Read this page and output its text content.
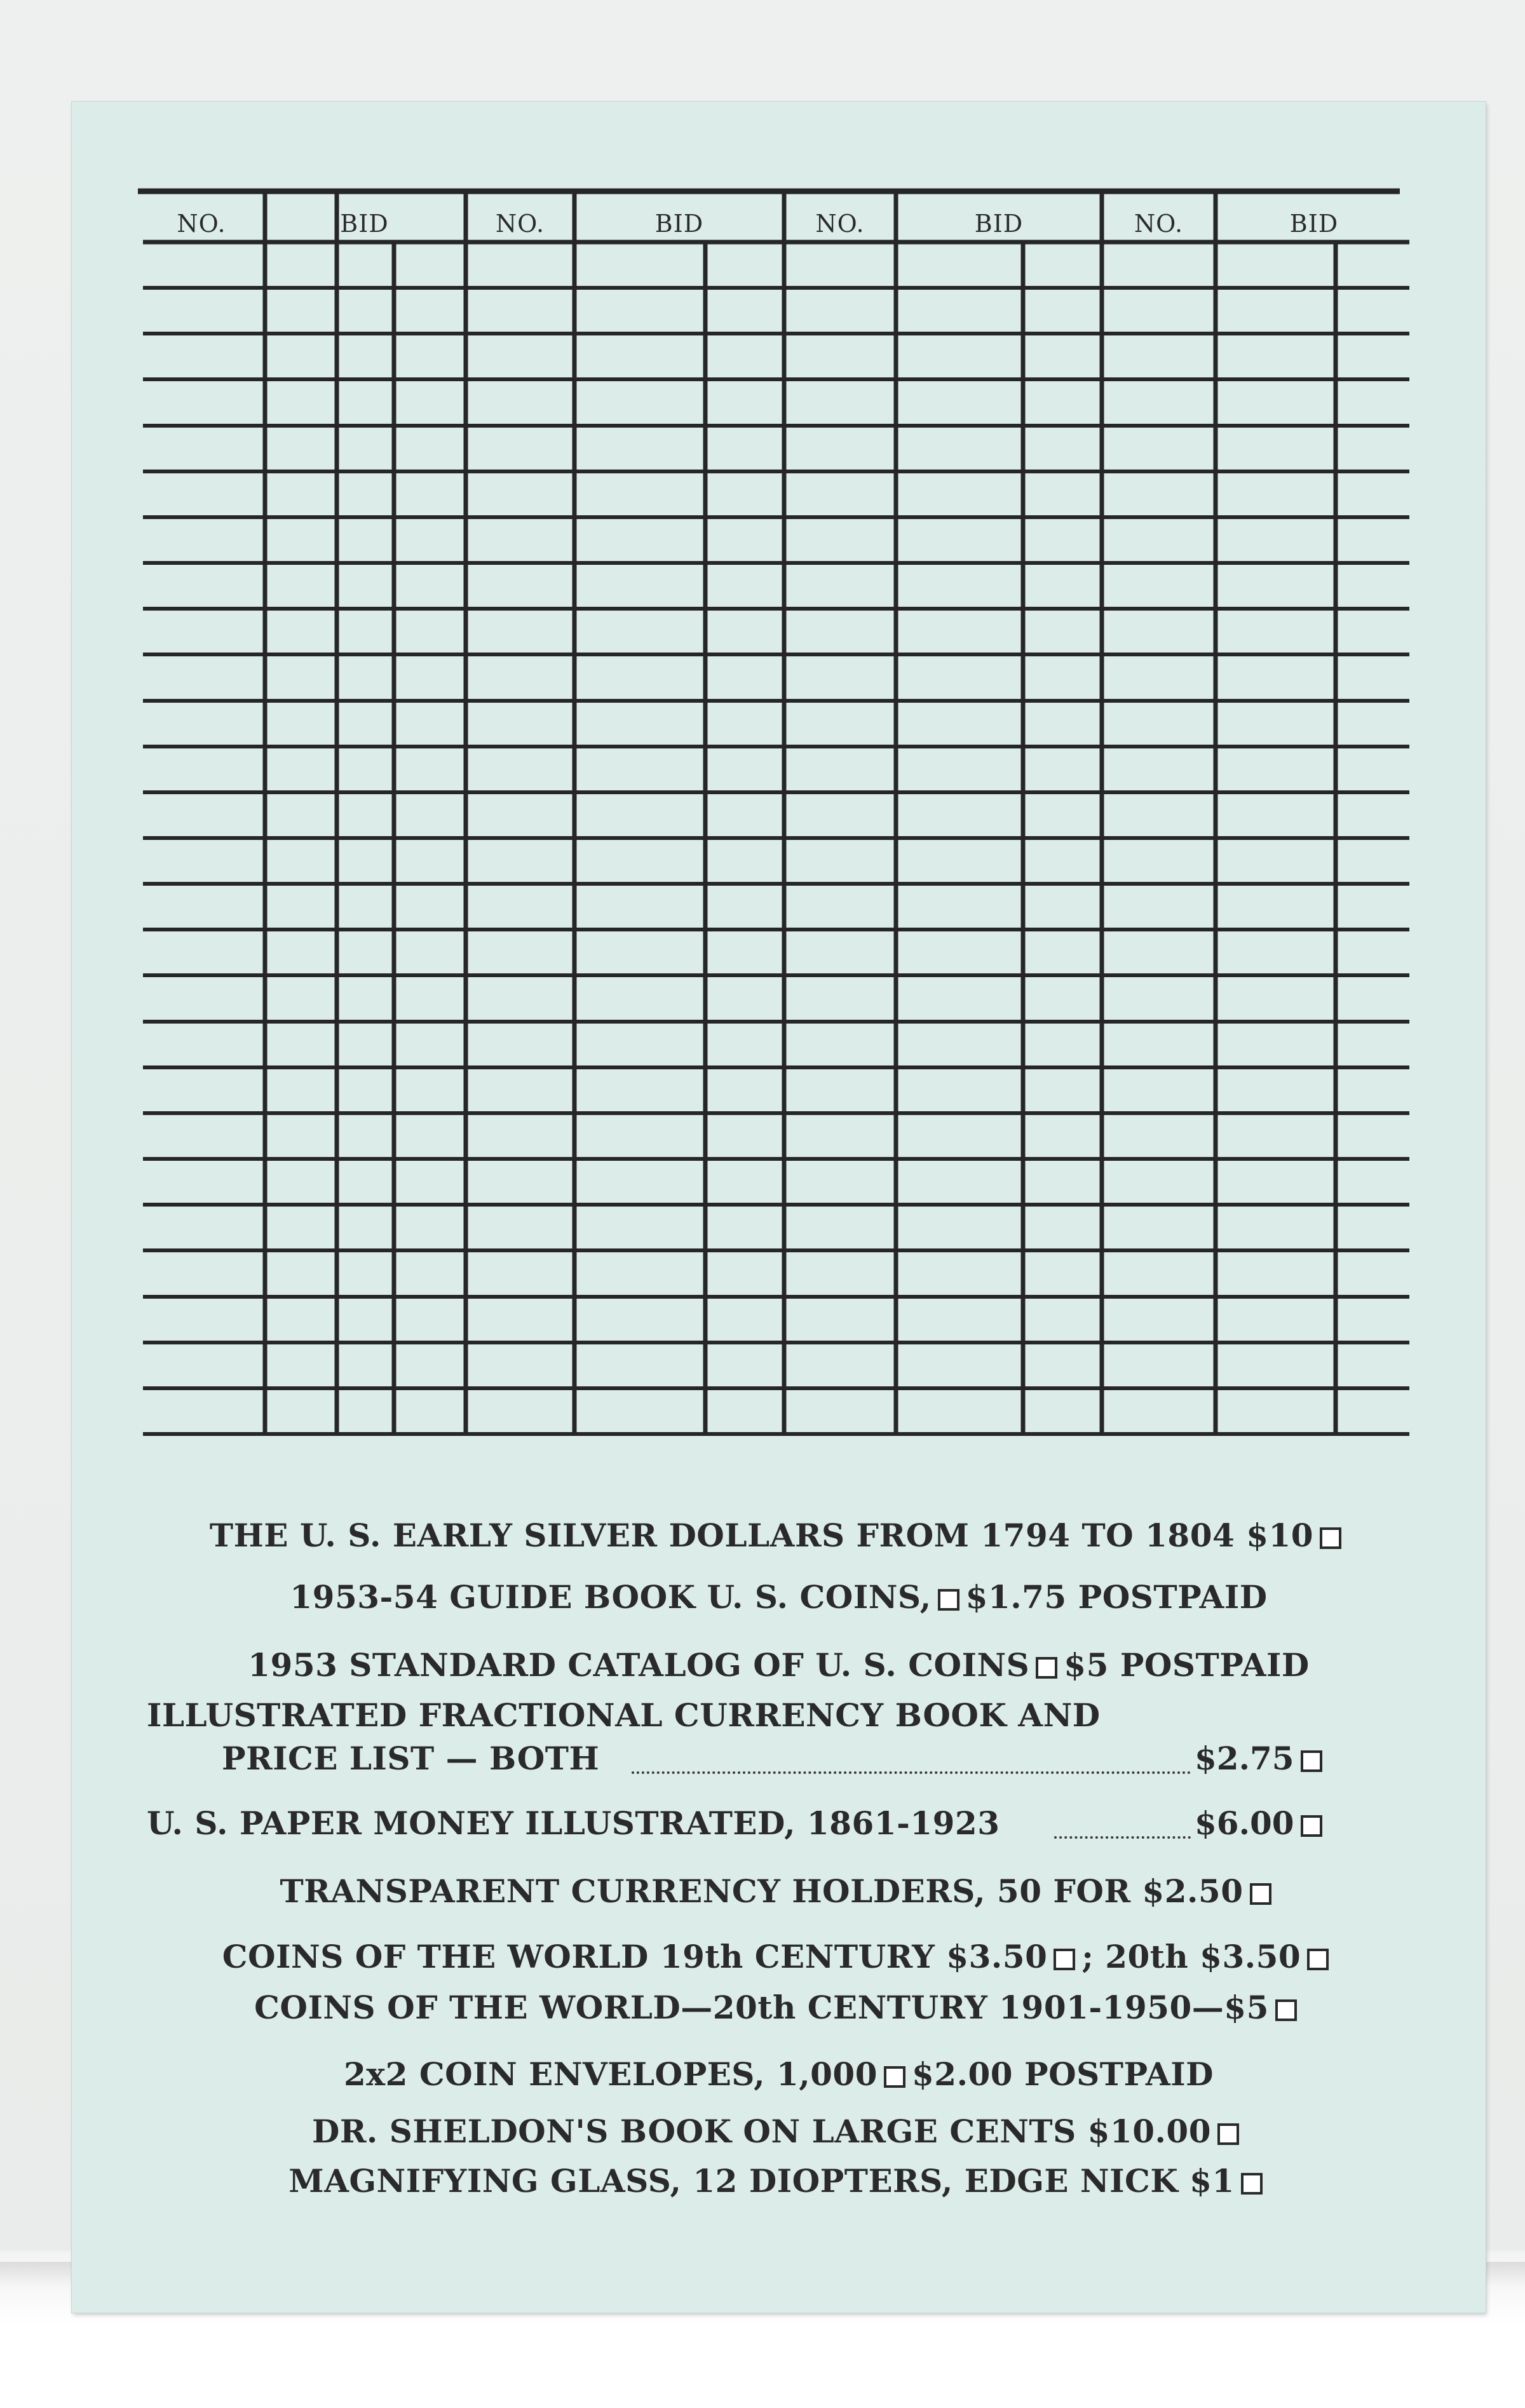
NO.	BID	NO.	BID	NO.	BID	NO.	BID
THE U. S. EARLY SILVER DOLLARS FROM 1794 TO 1804 $10
1953-54 GUIDE BOOK U. S. COINS, $1.75 POSTPAID
1953 STANDARD CATALOG OF U. S. COINS $5 POSTPAID
ILLUSTRATED FRACTIONAL CURRENCY BOOK AND
PRICE LIST — BOTH	$2.75
U. S. PAPER MONEY ILLUSTRATED, 1861-1923	$6.00
TRANSPARENT CURRENCY HOLDERS, 50 FOR $2.50
COINS OF THE WORLD 19th CENTURY $3.50 ; 20th $3.50
COINS OF THE WORLD—20th CENTURY 1901-1950—$5
2x2 COIN ENVELOPES, 1,000 $2.00 POSTPAID
DR. SHELDON'S BOOK ON LARGE CENTS $10.00
MAGNIFYING GLASS, 12 DIOPTERS, EDGE NICK $1
